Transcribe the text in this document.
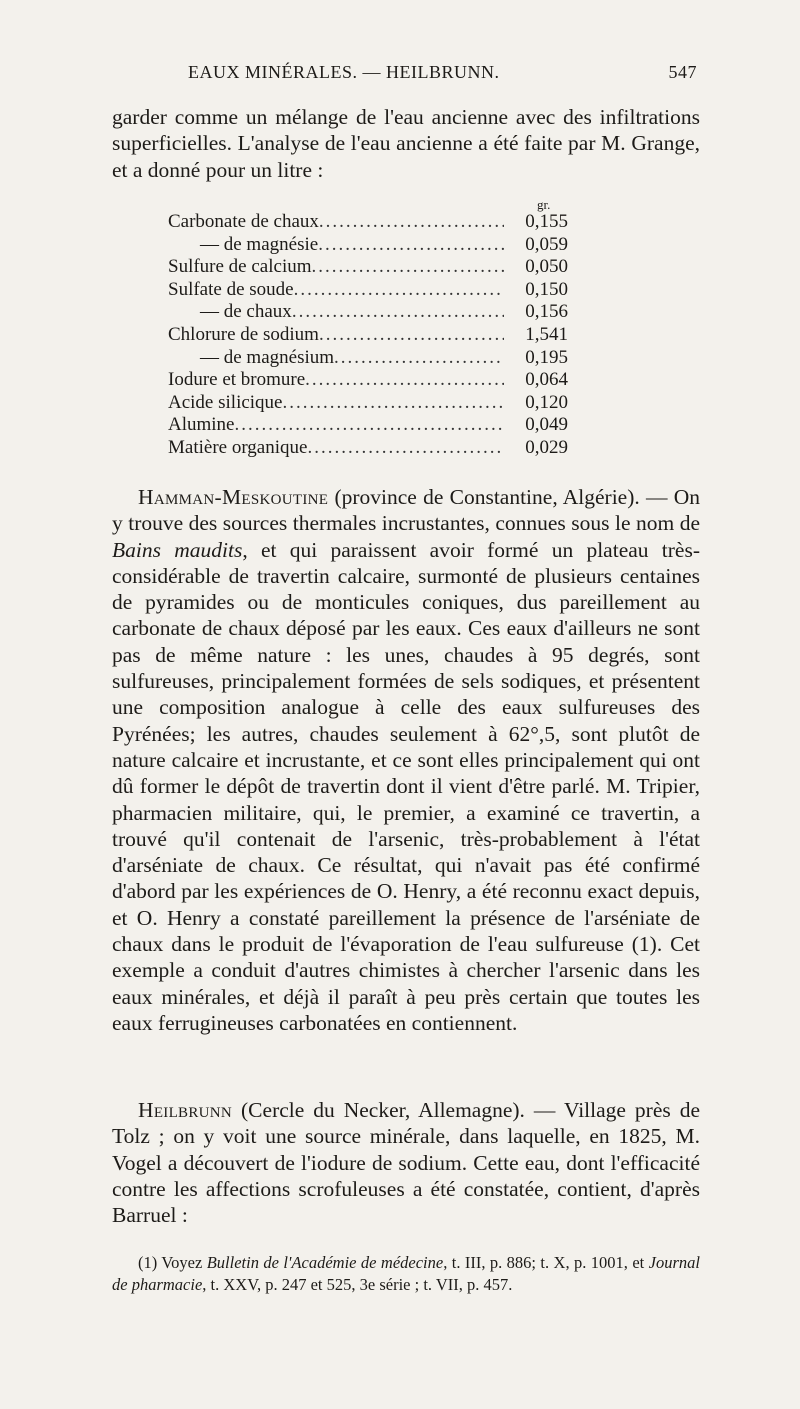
EAUX MINÉRALES. — HEILBRUNN.	547

garder comme un mélange de l'eau ancienne avec des infiltrations superficielles. L'analyse de l'eau ancienne a été faite par M. Grange, et a donné pour un litre :

gr.
Carbonate de chaux .....	0,155
— de magnésie .....	0,059
Sulfure de calcium .....	0,050
Sulfate de soude .....	0,150
— de chaux .....	0,156
Chlorure de sodium .....	1,541
— de magnésium .....	0,195
Iodure et bromure .....	0,064
Acide silicique .....	0,120
Alumine .....	0,049
Matière organique .....	0,029

Hamman-Meskoutine (province de Constantine, Algérie). — On y trouve des sources thermales incrustantes, connues sous le nom de Bains maudits, et qui paraissent avoir formé un plateau très-considérable de travertin calcaire, surmonté de plusieurs centaines de pyramides ou de monticules coniques, dus pareillement au carbonate de chaux déposé par les eaux. Ces eaux d'ailleurs ne sont pas de même nature : les unes, chaudes à 95 degrés, sont sulfureuses, principalement formées de sels sodiques, et présentent une composition analogue à celle des eaux sulfureuses des Pyrénées; les autres, chaudes seulement à 62°,5, sont plutôt de nature calcaire et incrustante, et ce sont elles principalement qui ont dû former le dépôt de travertin dont il vient d'être parlé. M. Tripier, pharmacien militaire, qui, le premier, a examiné ce travertin, a trouvé qu'il contenait de l'arsenic, très-probablement à l'état d'arséniate de chaux. Ce résultat, qui n'avait pas été confirmé d'abord par les expériences de O. Henry, a été reconnu exact depuis, et O. Henry a constaté pareillement la présence de l'arséniate de chaux dans le produit de l'évaporation de l'eau sulfureuse (1). Cet exemple a conduit d'autres chimistes à chercher l'arsenic dans les eaux minérales, et déjà il paraît à peu près certain que toutes les eaux ferrugineuses carbonatées en contiennent.

Heilbrunn (Cercle du Necker, Allemagne). — Village près de Tolz ; on y voit une source minérale, dans laquelle, en 1825, M. Vogel a découvert de l'iodure de sodium. Cette eau, dont l'efficacité contre les affections scrofuleuses a été constatée, contient, d'après Barruel :

(1) Voyez Bulletin de l'Académie de médecine, t. III, p. 886; t. X, p. 1001, et Journal de pharmacie, t. XXV, p. 247 et 525, 3e série ; t. VII, p. 457.
